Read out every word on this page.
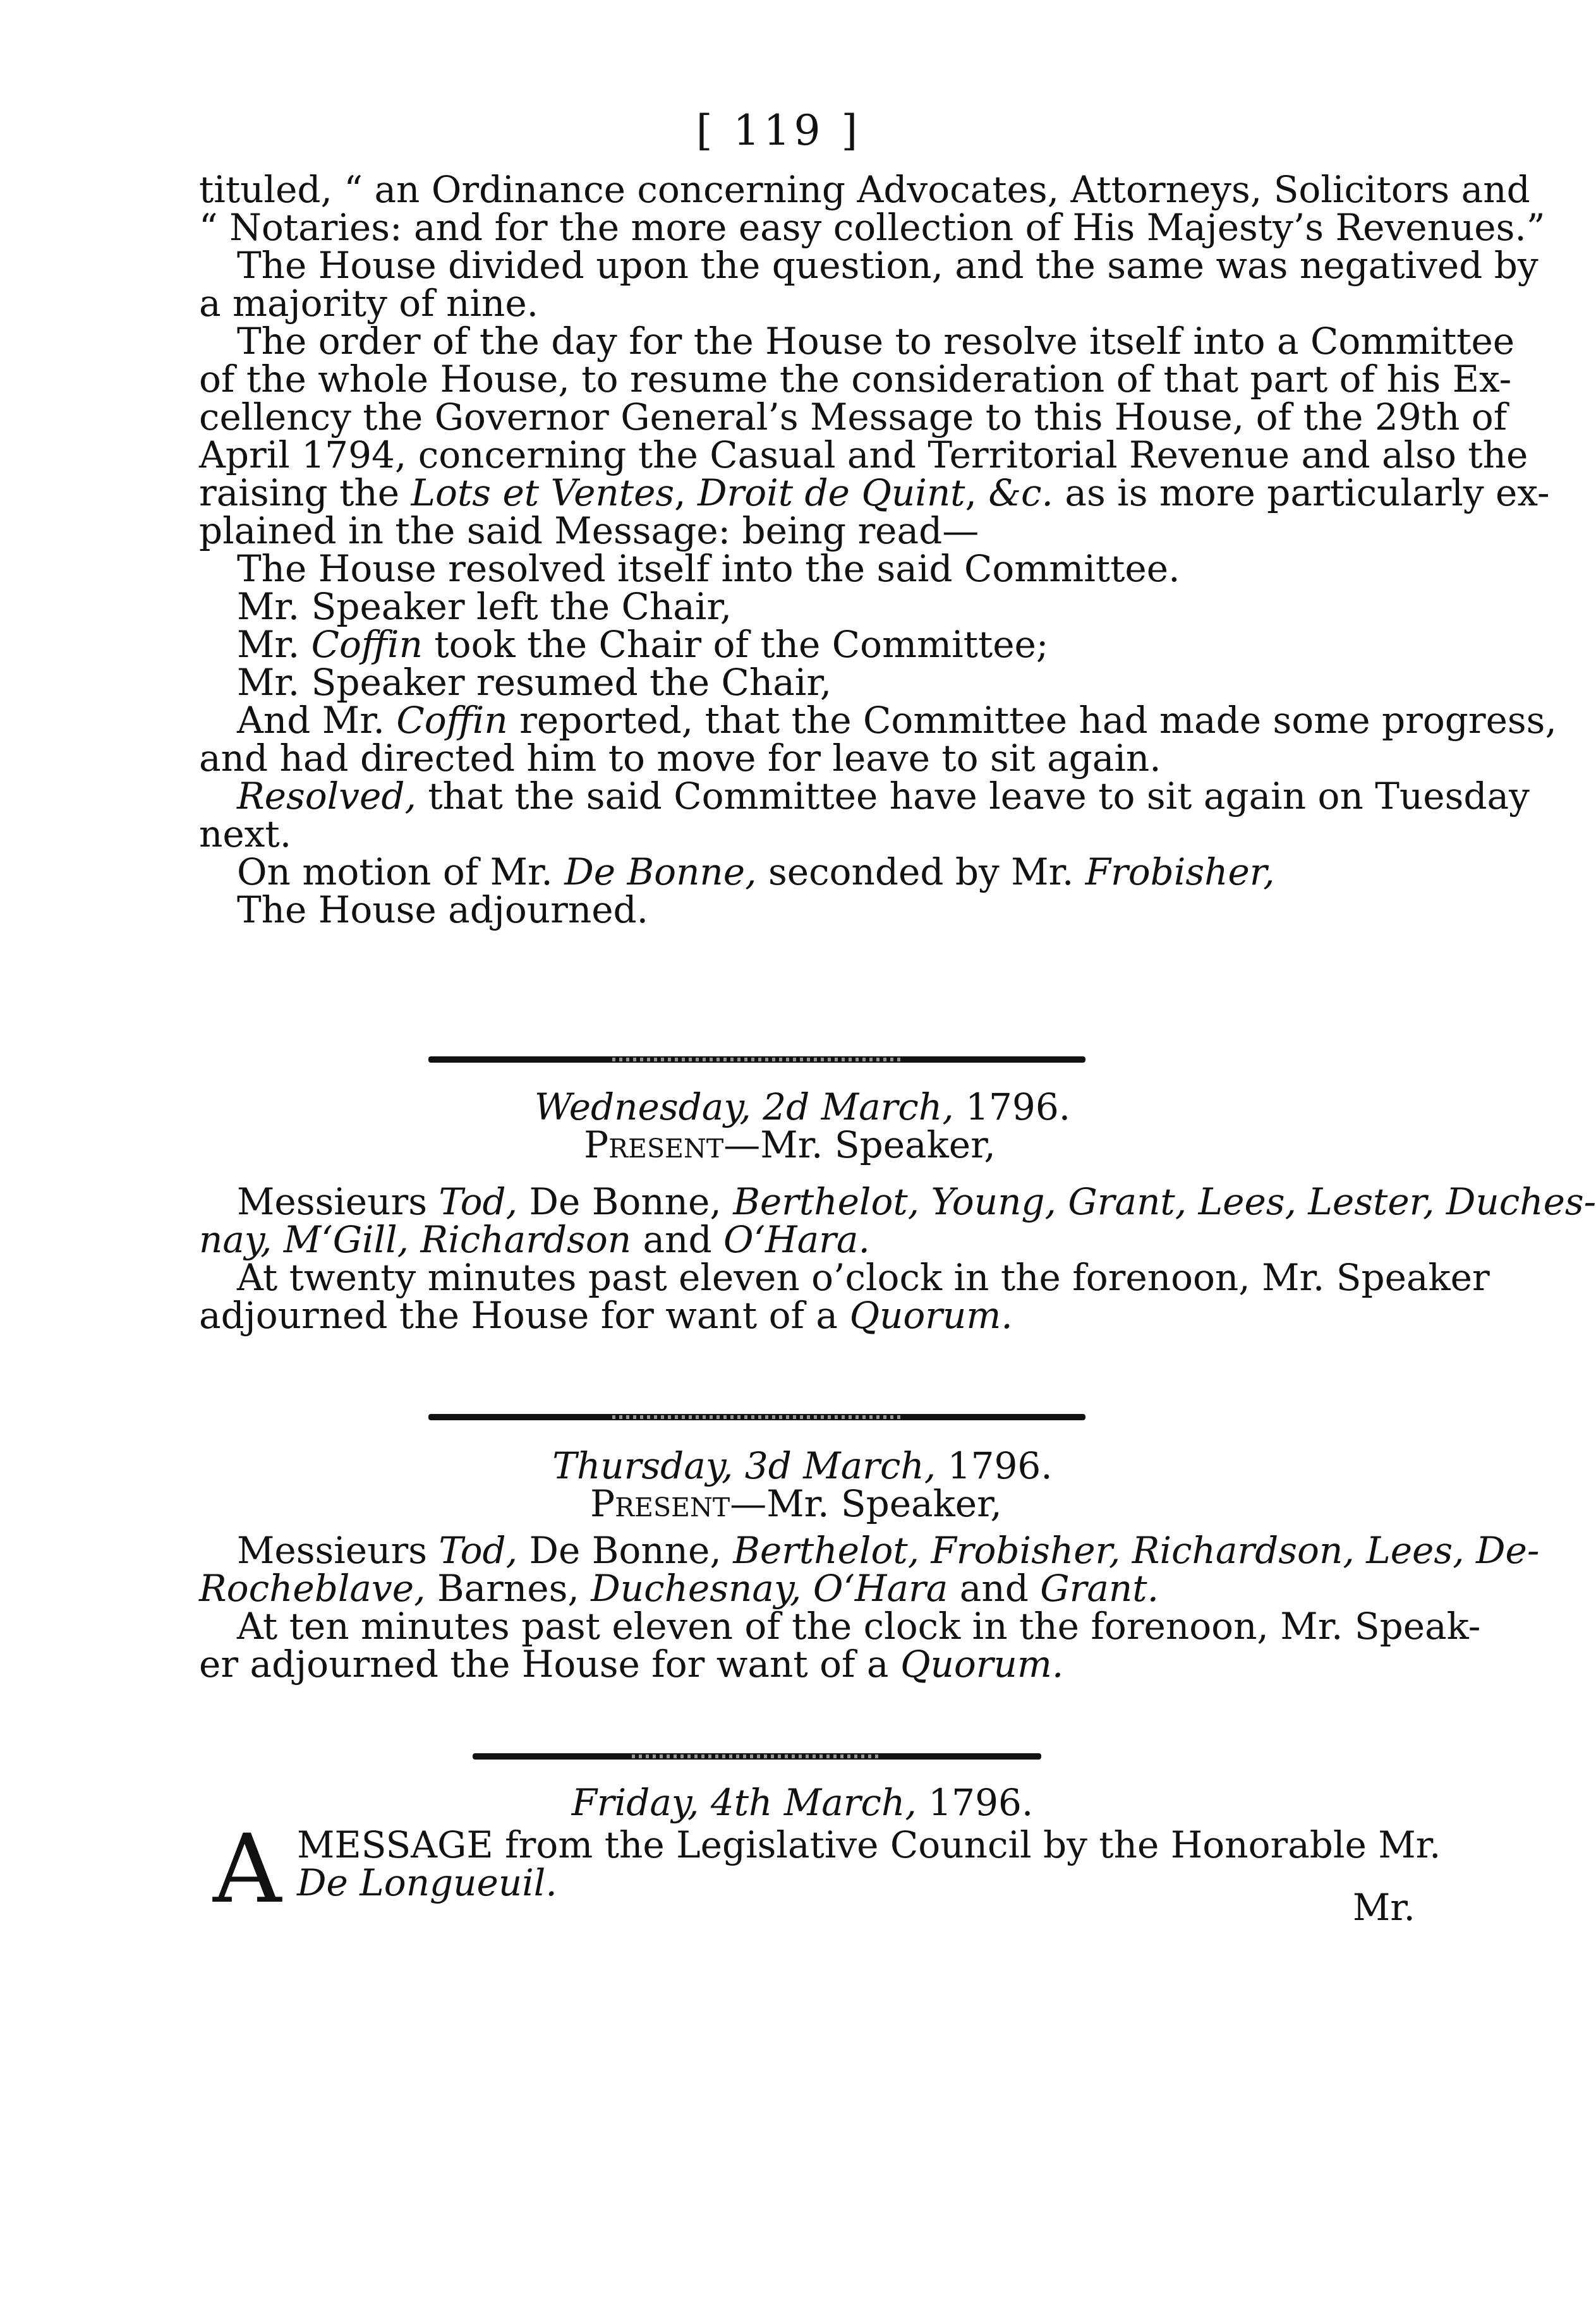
[ 119 ]
tituled, “ an Ordinance concerning Advocates, Attorneys, Solicitors and
“ Notaries: and for the more easy collection of His Majesty’s Revenues.”
The House divided upon the question, and the same was negatived by
a majority of nine.
The order of the day for the House to resolve itself into a Committee
of the whole House, to resume the consideration of that part of his Ex-
cellency the Governor General’s Message to this House, of the 29th of
April 1794, concerning the Casual and Territorial Revenue and also the
raising the Lots et Ventes, Droit de Quint, &c. as is more particularly ex-
plained in the said Message: being read—
The House resolved itself into the said Committee.
Mr. Speaker left the Chair,
Mr. Coffin took the Chair of the Committee;
Mr. Speaker resumed the Chair,
And Mr. Coffin reported, that the Committee had made some progress,
and had directed him to move for leave to sit again.
Resolved, that the said Committee have leave to sit again on Tuesday
next.
On motion of Mr. De Bonne, seconded by Mr. Frobisher,
The House adjourned.
Wednesday, 2d March, 1796.
Present—Mr. Speaker,
Messieurs Tod, De Bonne, Berthelot, Young, Grant, Lees, Lester, Duches-
nay, M‘Gill, Richardson and O‘Hara.
At twenty minutes past eleven o’clock in the forenoon, Mr. Speaker
adjourned the House for want of a Quorum.
Thursday, 3d March, 1796.
Present—Mr. Speaker,
Messieurs Tod, De Bonne, Berthelot, Frobisher, Richardson, Lees, De-
Rocheblave, Barnes, Duchesnay, O‘Hara and Grant.
At ten minutes past eleven of the clock in the forenoon, Mr. Speak-
er adjourned the House for want of a Quorum.
Friday, 4th March, 1796.
A MESSAGE from the Legislative Council by the Honorable Mr.
De Longueuil.
Mr.
